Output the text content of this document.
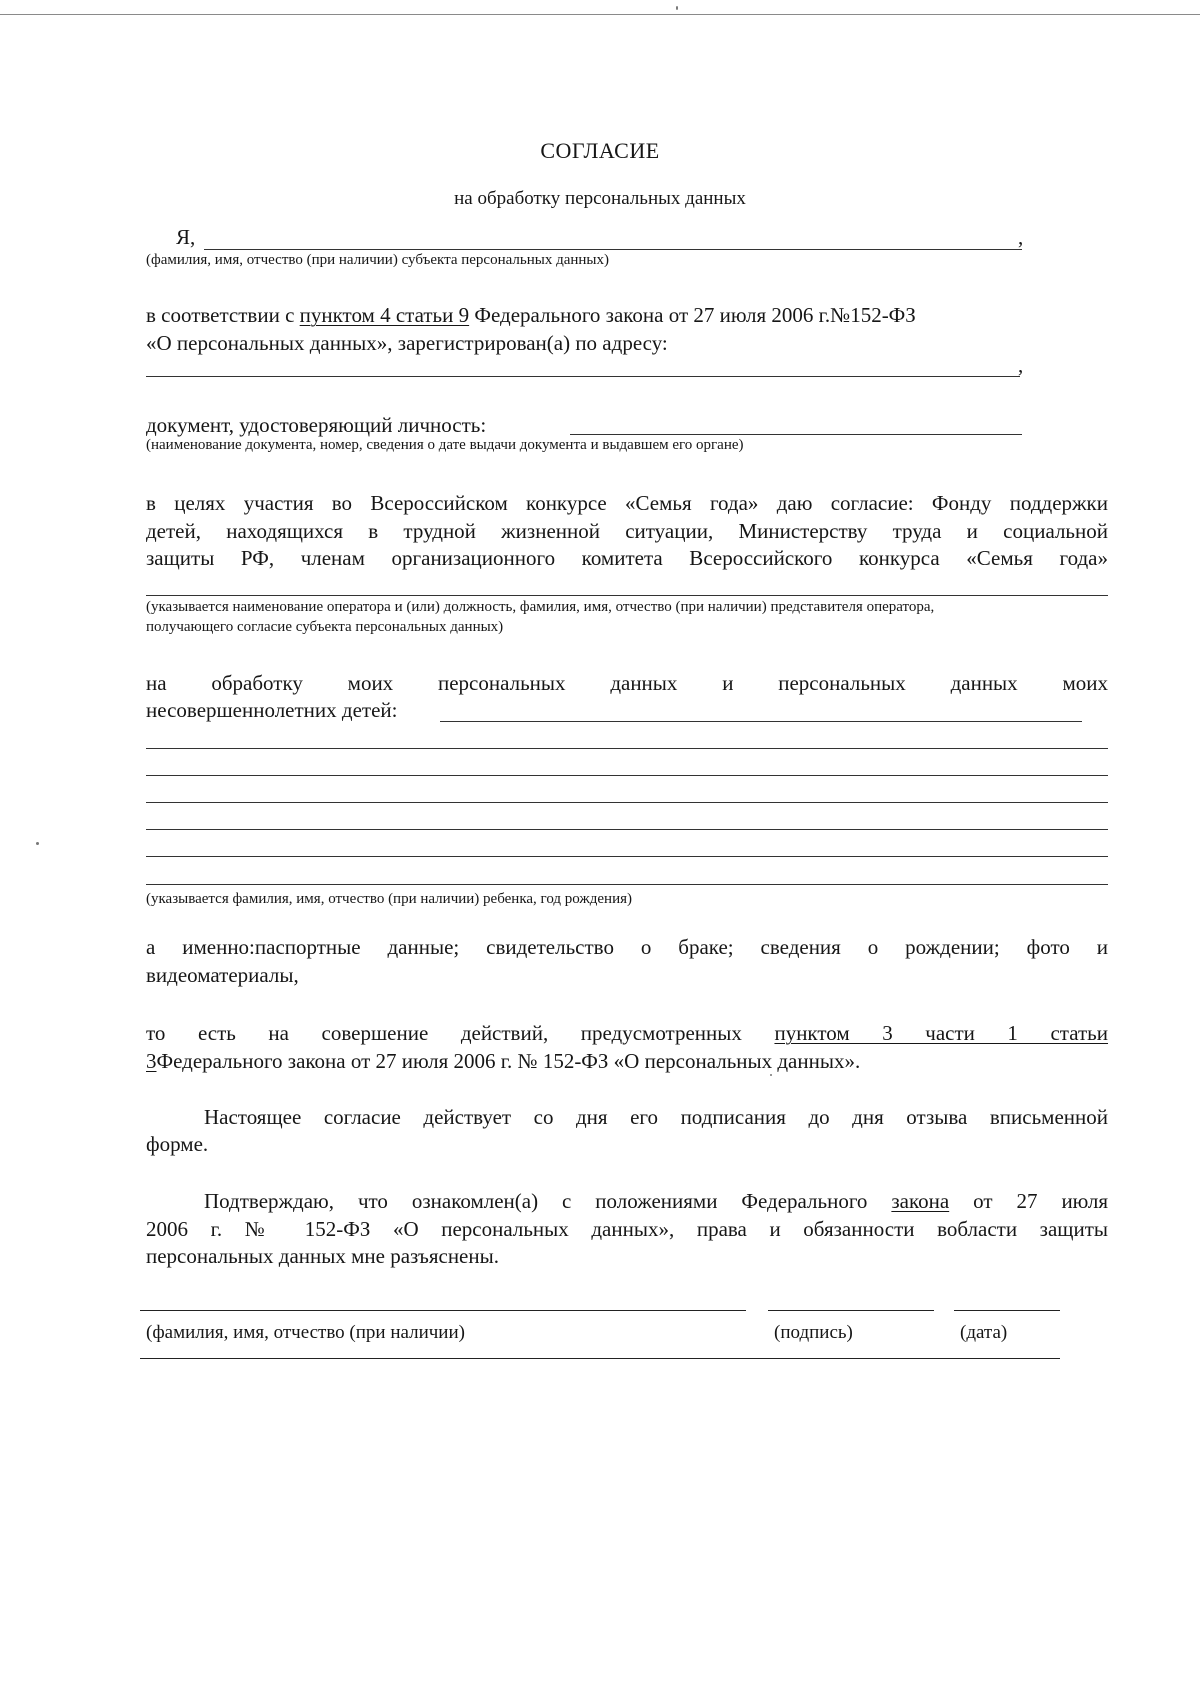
СОГЛАСИЕ
на обработку персональных данных
Я,	,
(фамилия, имя, отчество (при наличии) субъекта персональных данных)
в соответствии с пунктом 4 статьи 9 Федерального закона от 27 июля 2006 г.№152-ФЗ
«О персональных данных», зарегистрирован(а) по адресу:
,
документ, удостоверяющий личность:
(наименование документа, номер, сведения о дате выдачи документа и выдавшем его органе)
в целях участия во Всероссийском конкурсе «Семья года» даю согласие: Фонду поддержки
детей, находящихся в трудной жизненной ситуации, Министерству труда и социальной
защиты РФ, членам организационного комитета Всероссийского конкурса «Семья года»
(указывается наименование оператора и (или) должность, фамилия, имя, отчество (при наличии) представителя оператора,
получающего согласие субъекта персональных данных)
на обработку моих персональных данных и персональных данных моих
несовершеннолетних детей:
(указывается фамилия, имя, отчество (при наличии) ребенка, год рождения)
а именно:паспортные данные; свидетельство о браке; сведения о рождении; фото и
видеоматериалы,
то есть на совершение действий, предусмотренных пунктом 3 части 1 статьи
3Федерального закона от 27 июля 2006 г. № 152-ФЗ «О персональных данных».
Настоящее согласие действует со дня его подписания до дня отзыва вписьменной
форме.
Подтверждаю, что ознакомлен(а) с положениями Федерального закона от 27 июля
2006 г. № 152-ФЗ «О персональных данных», права и обязанности вобласти защиты
персональных данных мне разъяснены.
(фамилия, имя, отчество (при наличии)	(подпись)	(дата)
